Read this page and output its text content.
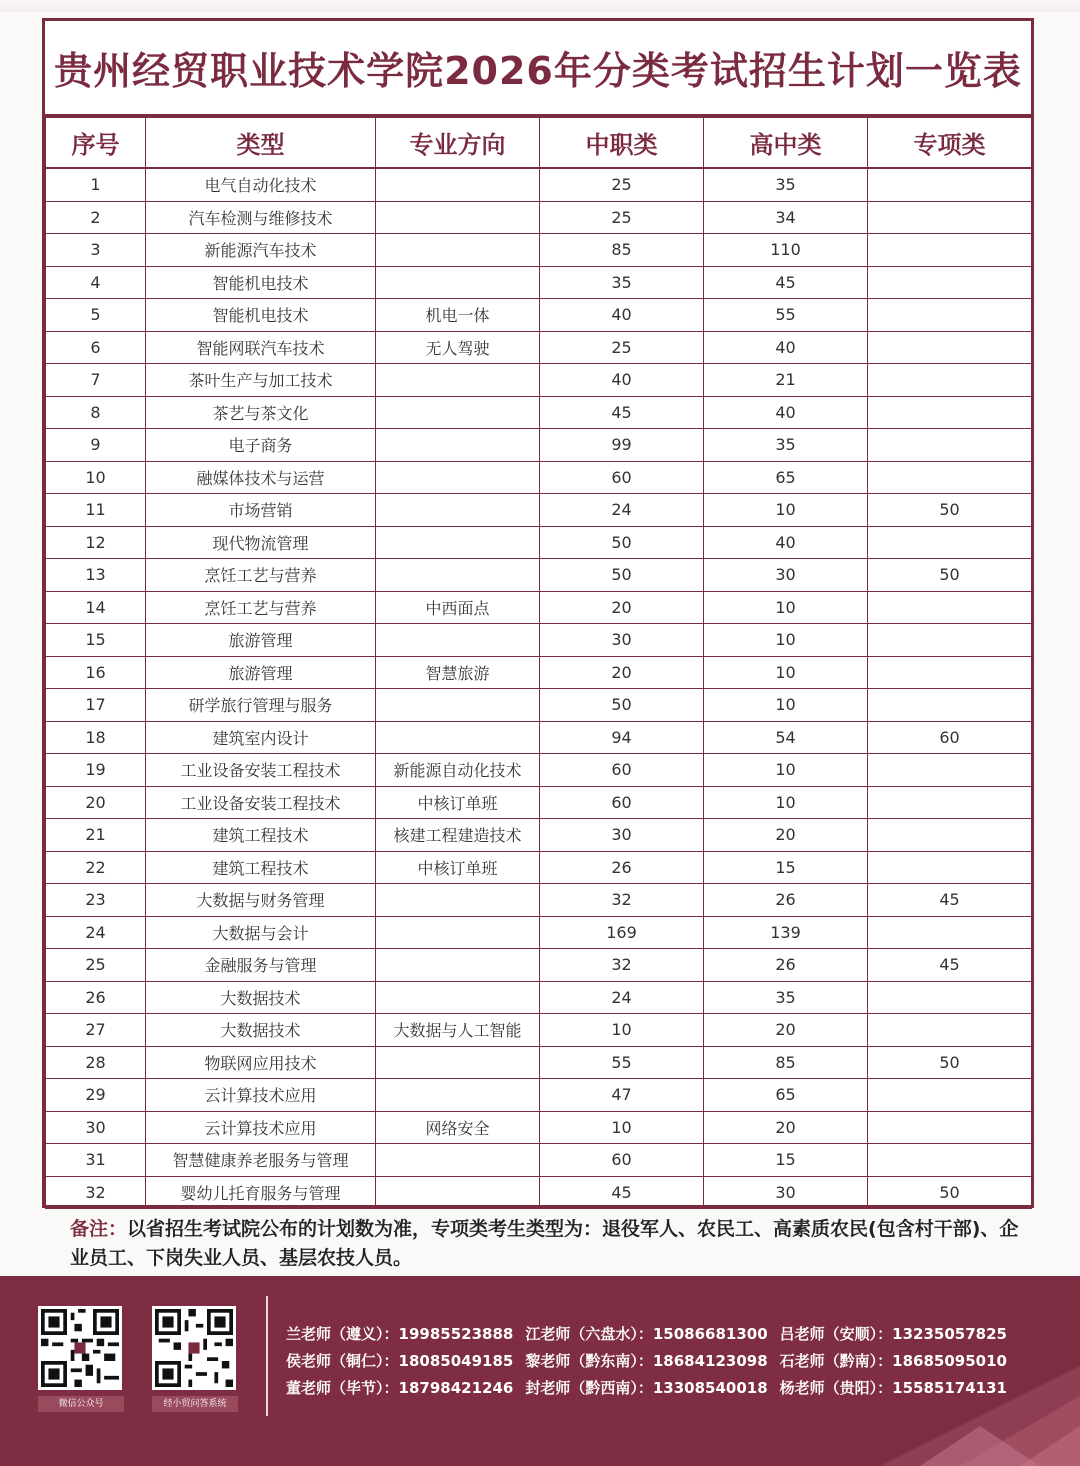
贵州经贸职业技术学院2026年分类考试招生计划一览表
序号	类型	专业方向	中职类	高中类	专项类
1	电气自动化技术		25	35	
2	汽车检测与维修技术		25	34	
3	新能源汽车技术		85	110	
4	智能机电技术		35	45	
5	智能机电技术	机电一体	40	55	
6	智能网联汽车技术	无人驾驶	25	40	
7	茶叶生产与加工技术		40	21	
8	茶艺与茶文化		45	40	
9	电子商务		99	35	
10	融媒体技术与运营		60	65	
11	市场营销		24	10	50
12	现代物流管理		50	40	
13	烹饪工艺与营养		50	30	50
14	烹饪工艺与营养	中西面点	20	10	
15	旅游管理		30	10	
16	旅游管理	智慧旅游	20	10	
17	研学旅行管理与服务		50	10	
18	建筑室内设计		94	54	60
19	工业设备安装工程技术	新能源自动化技术	60	10	
20	工业设备安装工程技术	中核订单班	60	10	
21	建筑工程技术	核建工程建造技术	30	20	
22	建筑工程技术	中核订单班	26	15	
23	大数据与财务管理		32	26	45
24	大数据与会计		169	139	
25	金融服务与管理		32	26	45
26	大数据技术		24	35	
27	大数据技术	大数据与人工智能	10	20	
28	物联网应用技术		55	85	50
29	云计算技术应用		47	65	
30	云计算技术应用	网络安全	10	20	
31	智慧健康养老服务与管理		60	15	
32	婴幼儿托育服务与管理		45	30	50
备注：以省招生考试院公布的计划数为准，专项类考生类型为：退役军人、农民工、高素质农民(包含村干部)、企业员工、下岗失业人员、基层农技人员。
微信公众号	经小贸问答系统
兰老师（遵义）：19985523888 江老师（六盘水）：15086681300 吕老师（安顺）：13235057825
侯老师（铜仁）：18085049185 黎老师（黔东南）：18684123098 石老师（黔南）：18685095010
董老师（毕节）：18798421246 封老师（黔西南）：13308540018 杨老师（贵阳）：15585174131
